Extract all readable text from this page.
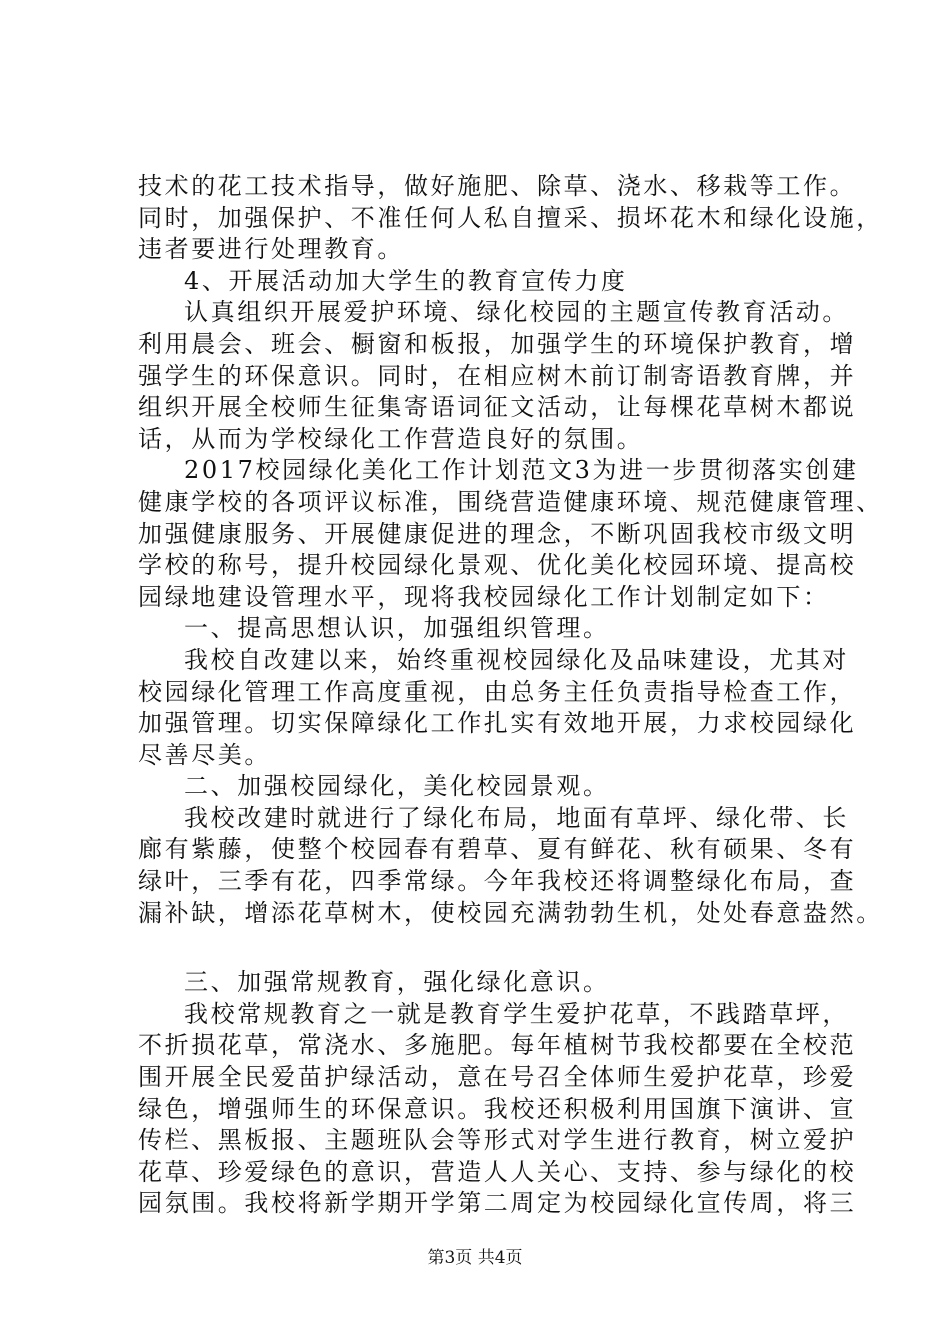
技术的花工技术指导，做好施肥、除草、浇水、移栽等工作。
同时，加强保护、不准任何人私自擅采、损坏花木和绿化设施，
违者要进行处理教育。
4、开展活动加大学生的教育宣传力度
认真组织开展爱护环境、绿化校园的主题宣传教育活动。
利用晨会、班会、橱窗和板报，加强学生的环境保护教育，增
强学生的环保意识。同时，在相应树木前订制寄语教育牌，并
组织开展全校师生征集寄语词征文活动，让每棵花草树木都说
话，从而为学校绿化工作营造良好的氛围。
2017校园绿化美化工作计划范文3为进一步贯彻落实创建
健康学校的各项评议标准，围绕营造健康环境、规范健康管理、
加强健康服务、开展健康促进的理念，不断巩固我校市级文明
学校的称号，提升校园绿化景观、优化美化校园环境、提高校
园绿地建设管理水平，现将我校园绿化工作计划制定如下：
一、提高思想认识，加强组织管理。
我校自改建以来，始终重视校园绿化及品味建设，尤其对
校园绿化管理工作高度重视，由总务主任负责指导检查工作，
加强管理。切实保障绿化工作扎实有效地开展，力求校园绿化
尽善尽美。
二、加强校园绿化，美化校园景观。
我校改建时就进行了绿化布局，地面有草坪、绿化带、长
廊有紫藤，使整个校园春有碧草、夏有鲜花、秋有硕果、冬有
绿叶，三季有花，四季常绿。今年我校还将调整绿化布局，查
漏补缺，增添花草树木，使校园充满勃勃生机，处处春意盎然。
三、加强常规教育，强化绿化意识。
我校常规教育之一就是教育学生爱护花草，不践踏草坪，
不折损花草，常浇水、多施肥。每年植树节我校都要在全校范
围开展全民爱苗护绿活动，意在号召全体师生爱护花草，珍爱
绿色，增强师生的环保意识。我校还积极利用国旗下演讲、宣
传栏、黑板报、主题班队会等形式对学生进行教育，树立爱护
花草、珍爱绿色的意识，营造人人关心、支持、参与绿化的校
园氛围。我校将新学期开学第二周定为校园绿化宣传周，将三
第3页 共4页
